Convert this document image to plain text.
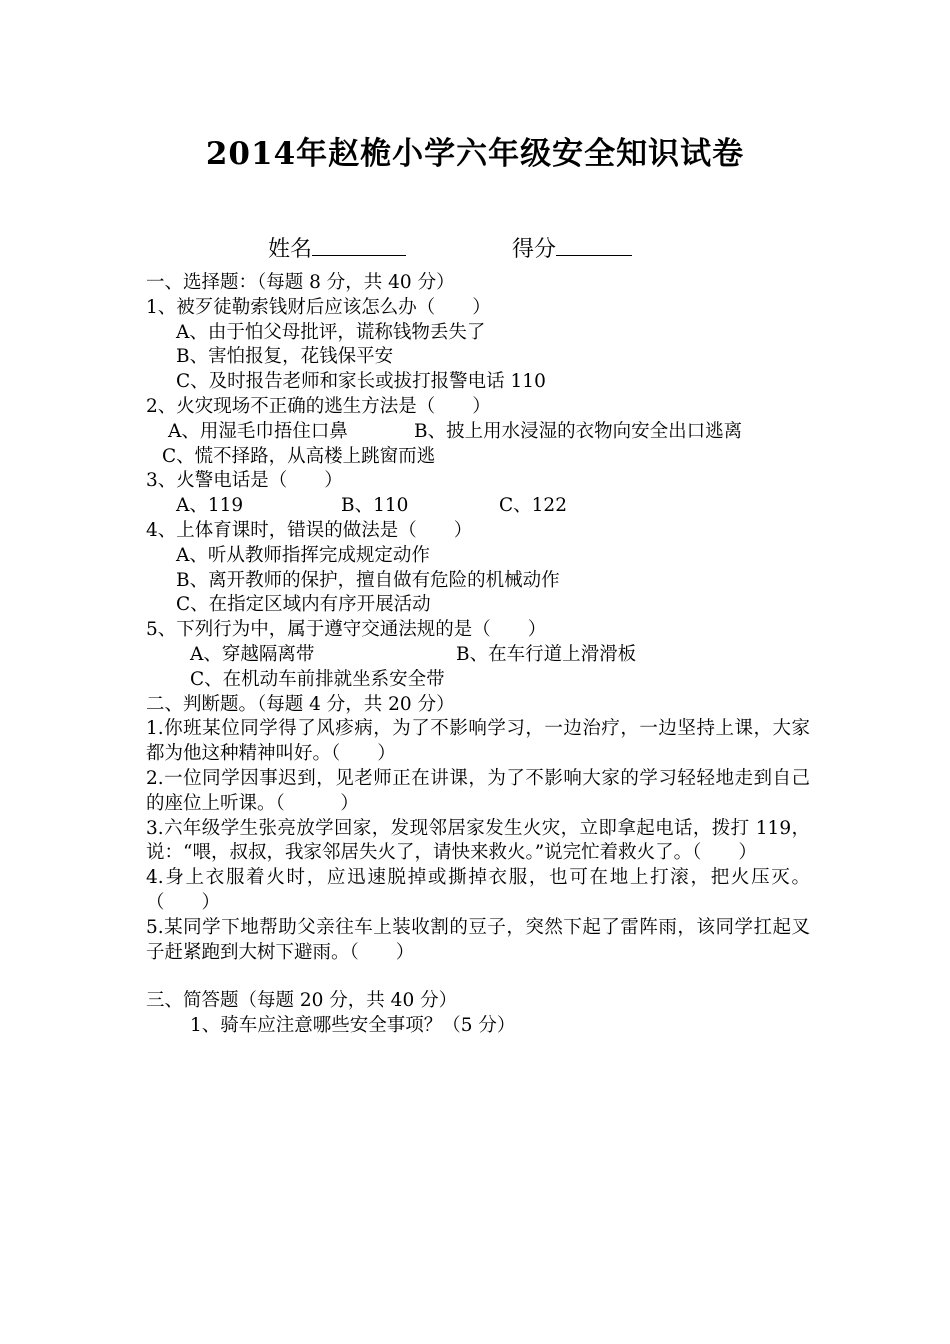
2014年赵桅小学六年级安全知识试卷
姓名	得分
一、选择题：（每题 8 分，共 40 分）
1、被歹徒勒索钱财后应该怎么办（　　）
A、由于怕父母批评，谎称钱物丢失了
B、害怕报复，花钱保平安
C、及时报告老师和家长或拔打报警电话 110
2、火灾现场不正确的逃生方法是（　　）
A、用湿毛巾捂住口鼻	B、披上用水浸湿的衣物向安全出口逃离
C、慌不择路，从高楼上跳窗而逃
3、火警电话是（　　）
A、119	B、110	C、122
4、上体育课时，错误的做法是（　　）
A、听从教师指挥完成规定动作
B、离开教师的保护，擅自做有危险的机械动作
C、在指定区域内有序开展活动
5、下列行为中，属于遵守交通法规的是（　　）
A、穿越隔离带	B、在车行道上滑滑板
C、在机动车前排就坐系安全带
二、判断题。（每题 4 分，共 20 分）
1.你班某位同学得了风疹病，为了不影响学习，一边治疗，一边坚持上课，大家都为他这种精神叫好。（　　）
2.一位同学因事迟到，见老师正在讲课，为了不影响大家的学习轻轻地走到自己的座位上听课。（　　　）
3.六年级学生张亮放学回家，发现邻居家发生火灾，立即拿起电话，拨打 119，说：“喂，叔叔，我家邻居失火了，请快来救火。”说完忙着救火了。（　　）
4.身上衣服着火时，应迅速脱掉或撕掉衣服，也可在地上打滚，把火压灭。（　　）
5.某同学下地帮助父亲往车上装收割的豆子，突然下起了雷阵雨，该同学扛起叉子赶紧跑到大树下避雨。（　　）
三、简答题（每题 20 分，共 40 分）
1、骑车应注意哪些安全事项？（5 分）
